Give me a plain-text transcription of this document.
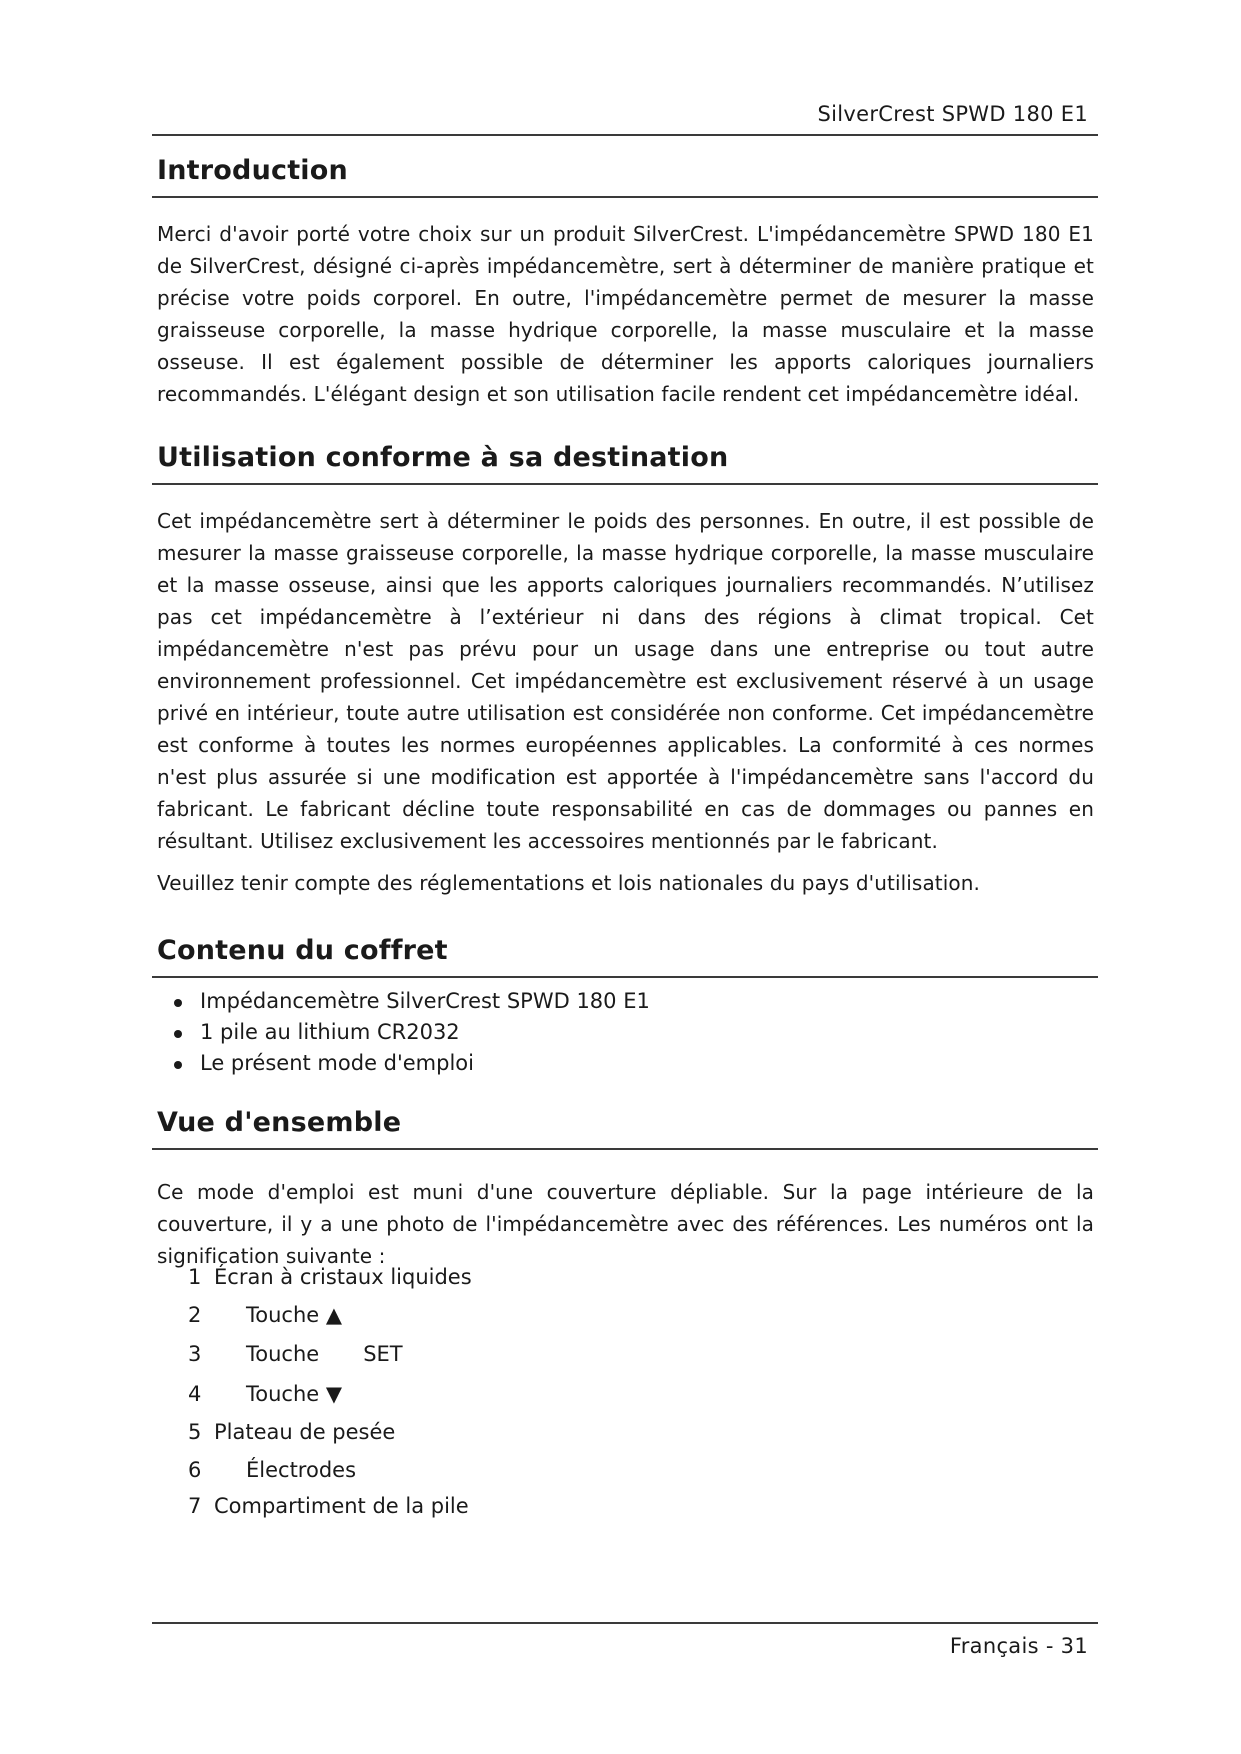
SilverCrest SPWD 180 E1
Introduction

Merci d'avoir porté votre choix sur un produit SilverCrest. L'impédancemètre SPWD 180 E1 de SilverCrest, désigné ci-après impédancemètre, sert à déterminer de manière pratique et précise votre poids corporel. En outre, l'impédancemètre permet de mesurer la masse graisseuse corporelle, la masse hydrique corporelle, la masse musculaire et la masse osseuse. Il est également possible de déterminer les apports caloriques journaliers recommandés. L'élégant design et son utilisation facile rendent cet impédancemètre idéal.

Utilisation conforme à sa destination

Cet impédancemètre sert à déterminer le poids des personnes. En outre, il est possible de mesurer la masse graisseuse corporelle, la masse hydrique corporelle, la masse musculaire et la masse osseuse, ainsi que les apports caloriques journaliers recommandés. N’utilisez pas cet impédancemètre à l’extérieur ni dans des régions à climat tropical. Cet impédancemètre n'est pas prévu pour un usage dans une entreprise ou tout autre environnement professionnel. Cet impédancemètre est exclusivement réservé à un usage privé en intérieur, toute autre utilisation est considérée non conforme. Cet impédancemètre est conforme à toutes les normes européennes applicables. La conformité à ces normes n'est plus assurée si une modification est apportée à l'impédancemètre sans l'accord du fabricant. Le fabricant décline toute responsabilité en cas de dommages ou pannes en résultant. Utilisez exclusivement les accessoires mentionnés par le fabricant.

Veuillez tenir compte des réglementations et lois nationales du pays d'utilisation.

Contenu du coffret
Impédancemètre SilverCrest SPWD 180 E1
1 pile au lithium CR2032
Le présent mode d'emploi
Vue d'ensemble

Ce mode d'emploi est muni d'une couverture dépliable. Sur la page intérieure de la couverture, il y a une photo de l'impédancemètre avec des références. Les numéros ont la signification suivante :

1 Écran à cristaux liquides
2 Touche ▲
3 Touche SET
4 Touche ▼
5 Plateau de pesée
6 Électrodes
7 Compartiment de la pile
Français - 31
